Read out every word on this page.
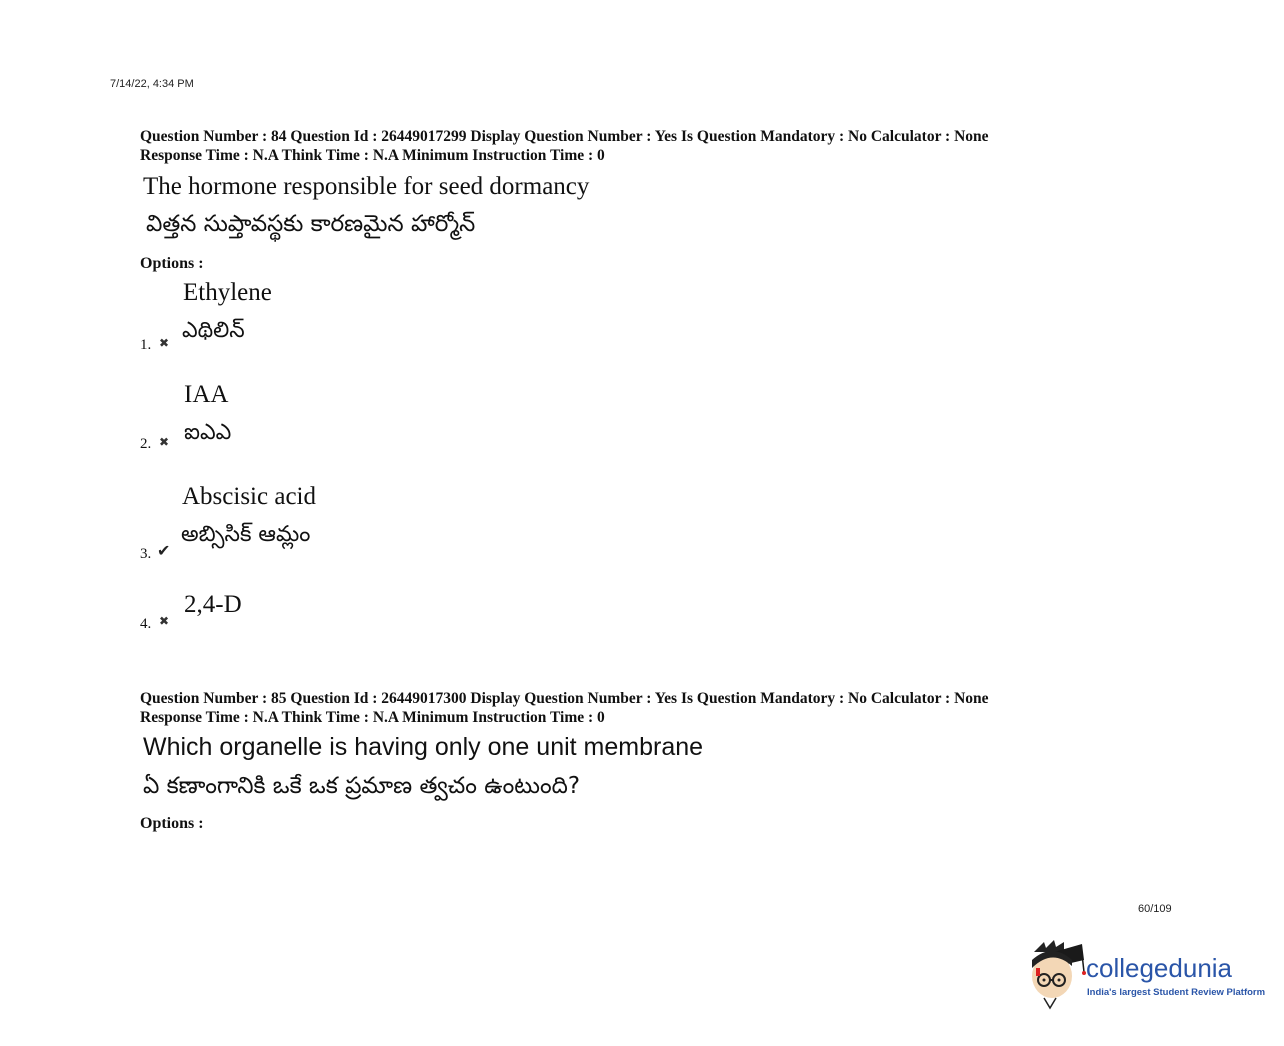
7/14/22, 4:34 PM
Question Number : 84 Question Id : 26449017299 Display Question Number : Yes Is Question Mandatory : No Calculator : None
Response Time : N.A Think Time : N.A Minimum Instruction Time : 0
The hormone responsible for seed dormancy
విత్తన సుప్తావస్థకు కారణమైన హార్మోన్
Options :
Ethylene
ఎథిలిన్
1. ✖
IAA
ఐఎఎ
2. ✖
Abscisic acid
అబ్సిసిక్ ఆమ్లం
3. ✔
2,4-D
4. ✖
Question Number : 85 Question Id : 26449017300 Display Question Number : Yes Is Question Mandatory : No Calculator : None
Response Time : N.A Think Time : N.A Minimum Instruction Time : 0
Which organelle is having only one unit membrane
ఏ కణాంగానికి ఒకే ఒక ప్రమాణ త్వచం ఉంటుంది?
Options :
60/109
collegedunia
India's largest Student Review Platform
